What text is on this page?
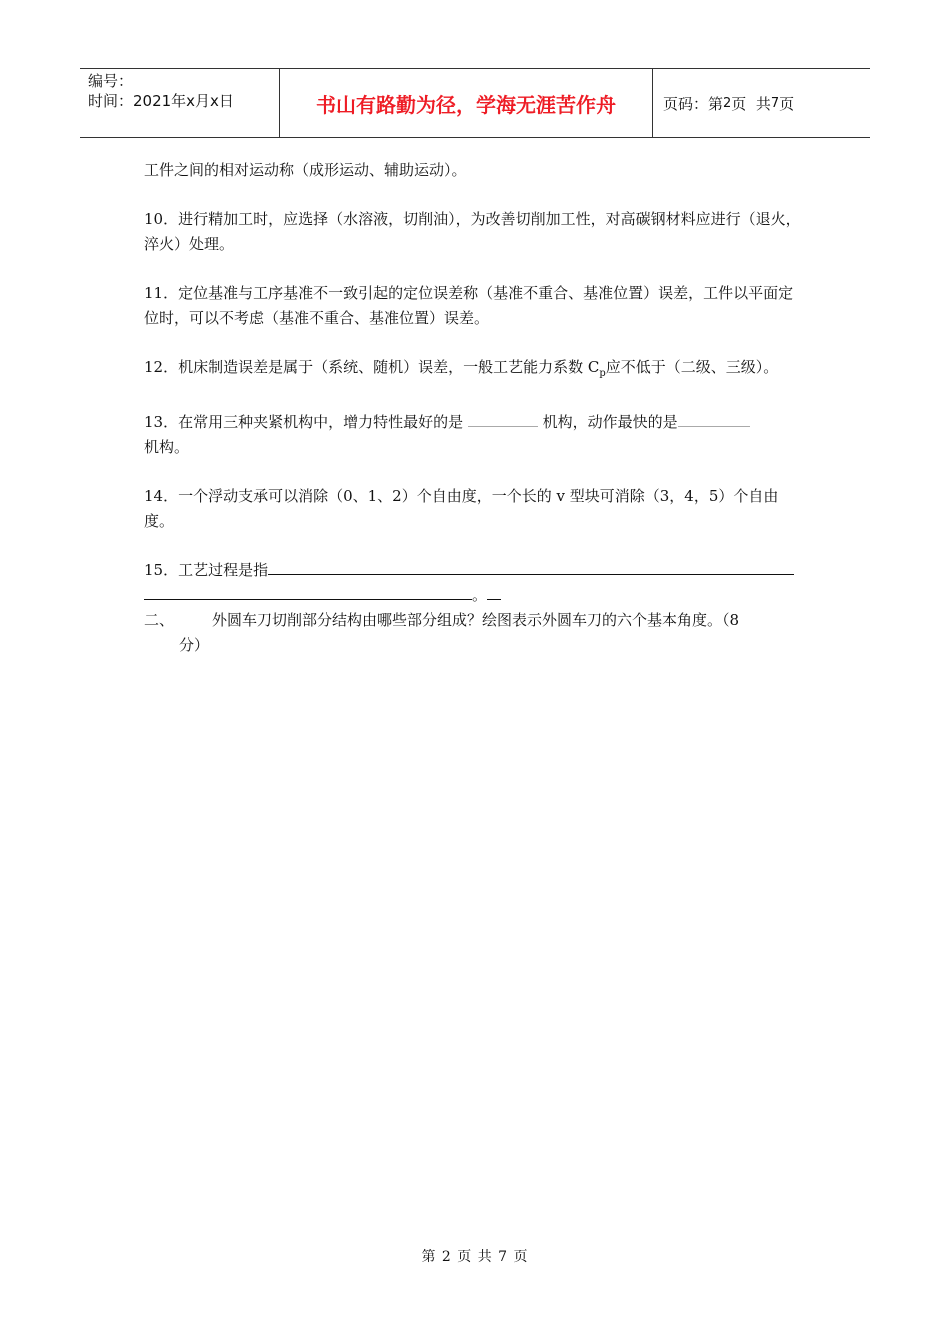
编号：
时间：2021年x月x日	书山有路勤为径，学海无涯苦作舟	页码：第 2 页  共 7 页

工件之间的相对运动称（成形运动、辅助运动）。

10．进行精加工时，应选择（水溶液，切削油），为改善切削加工性，对高碳钢材料应进行（退火，淬火）处理。

11．定位基准与工序基准不一致引起的定位误差称（基准不重合、基准位置）误差，工件以平面定位时，可以不考虑（基准不重合、基准位置）误差。

12．机床制造误差是属于（系统、随机）误差，一般工艺能力系数 $C_p$应不低于（二级、三级）。

13．在常用三种夹紧机构中，增力特性最好的是	机构，动作最快的是
机构。

14．一个浮动支承可以消除（0、1、2）个自由度，一个长的 v 型块可消除（3，4，5）个自由度。

15．工艺过程是指
。

二、	外圆车刀切削部分结构由哪些部分组成？绘图表示外圆车刀的六个基本角度。（8
分）
第 2 页 共 7 页
